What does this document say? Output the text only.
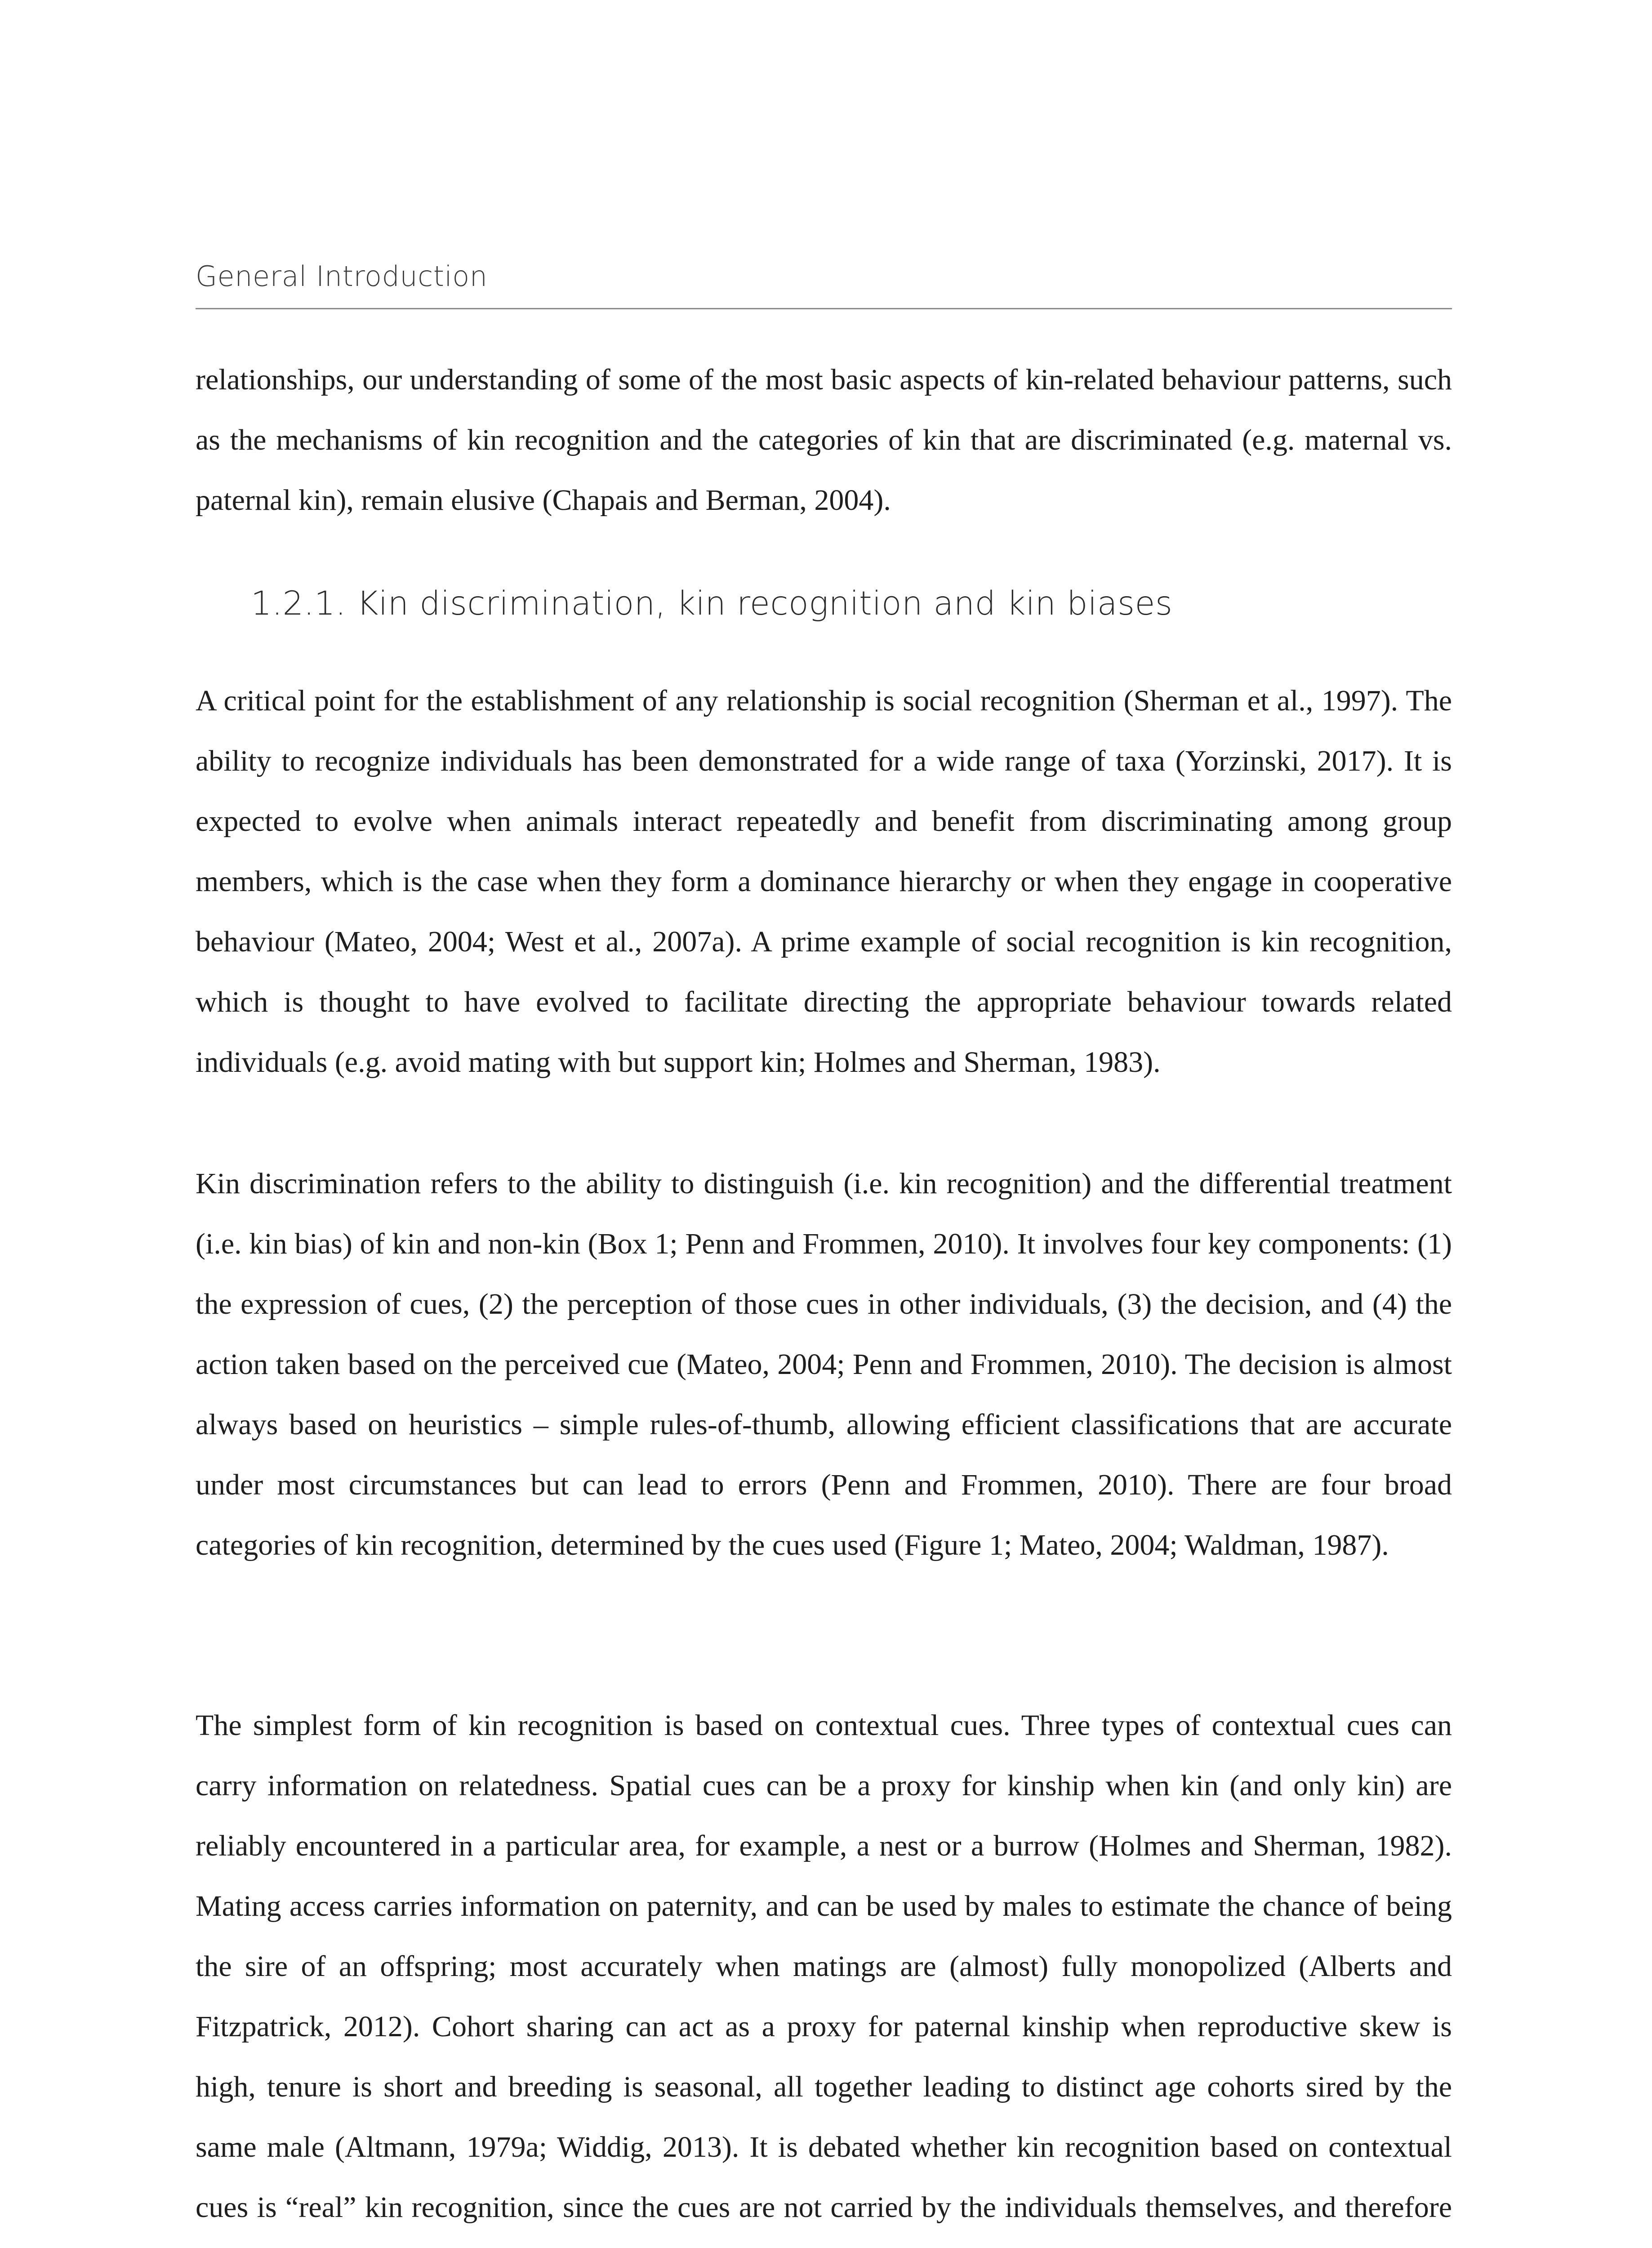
General Introduction

relationships, our understanding of some of the most basic aspects of kin-related behaviour patterns, such as the mechanisms of kin recognition and the categories of kin that are discriminated (e.g. maternal vs. paternal kin), remain elusive (Chapais and Berman, 2004).

1.2.1. Kin discrimination, kin recognition and kin biases

A critical point for the establishment of any relationship is social recognition (Sherman et al., 1997). The ability to recognize individuals has been demonstrated for a wide range of taxa (Yorzinski, 2017). It is expected to evolve when animals interact repeatedly and benefit from discriminating among group members, which is the case when they form a dominance hierarchy or when they engage in cooperative behaviour (Mateo, 2004; West et al., 2007a). A prime example of social recognition is kin recognition, which is thought to have evolved to facilitate directing the appropriate behaviour towards related individuals (e.g. avoid mating with but support kin; Holmes and Sherman, 1983).

Kin discrimination refers to the ability to distinguish (i.e. kin recognition) and the differential treatment (i.e. kin bias) of kin and non-kin (Box 1; Penn and Frommen, 2010). It involves four key components: (1) the expression of cues, (2) the perception of those cues in other individuals, (3) the decision, and (4) the action taken based on the perceived cue (Mateo, 2004; Penn and Frommen, 2010). The decision is almost always based on heuristics – simple rules-of-thumb, allowing efficient classifications that are accurate under most circumstances but can lead to errors (Penn and Frommen, 2010). There are four broad categories of kin recognition, determined by the cues used (Figure 1; Mateo, 2004; Waldman, 1987).

The simplest form of kin recognition is based on contextual cues. Three types of contextual cues can carry information on relatedness. Spatial cues can be a proxy for kinship when kin (and only kin) are reliably encountered in a particular area, for example, a nest or a burrow (Holmes and Sherman, 1982). Mating access carries information on paternity, and can be used by males to estimate the chance of being the sire of an offspring; most accurately when matings are (almost) fully monopolized (Alberts and Fitzpatrick, 2012). Cohort sharing can act as a proxy for paternal kinship when reproductive skew is high, tenure is short and breeding is seasonal, all together leading to distinct age cohorts sired by the same male (Altmann, 1979a; Widdig, 2013). It is debated whether kin recognition based on contextual cues is “real” kin recognition, since the cues are not carried by the individuals themselves, and therefore
